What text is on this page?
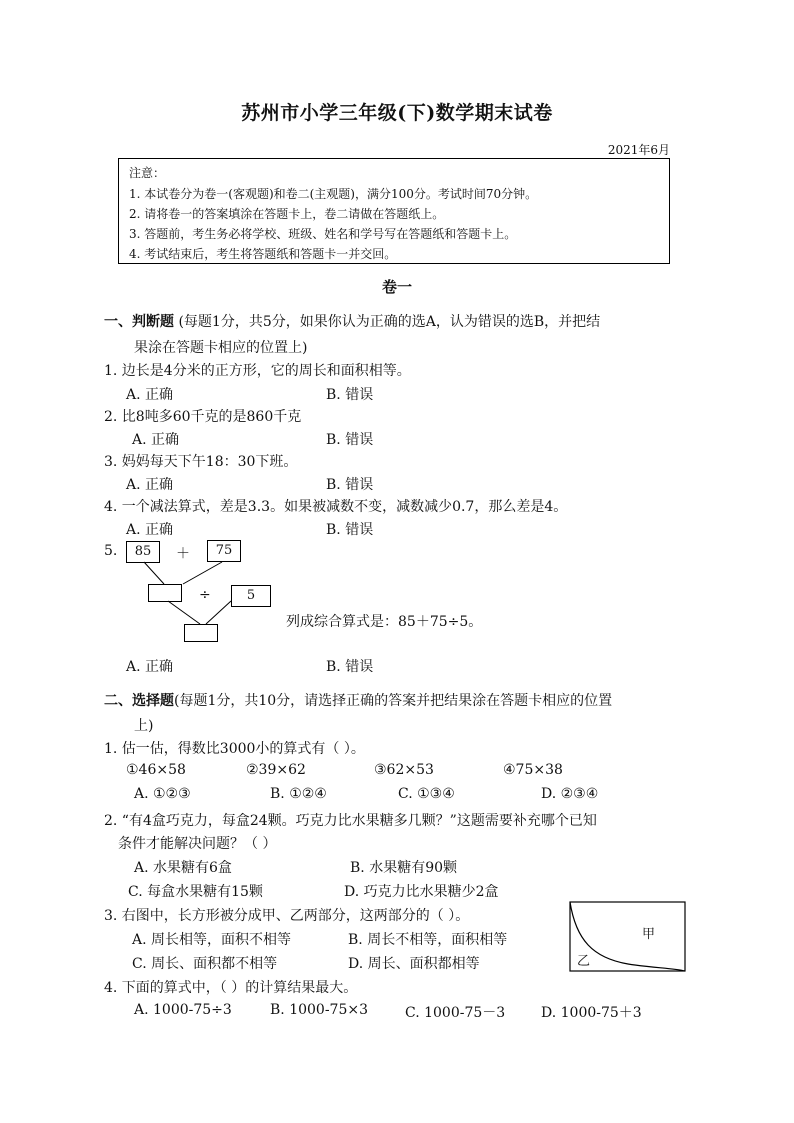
苏州市小学三年级(下)数学期末试卷
2021年6月
注意：
1. 本试卷分为卷一(客观题)和卷二(主观题)，满分100分。考试时间70分钟。
2. 请将卷一的答案填涂在答题卡上，卷二请做在答题纸上。
3. 答题前，考生务必将学校、班级、姓名和学号写在答题纸和答题卡上。
4. 考试结束后，考生将答题纸和答题卡一并交回。
卷一
一、判断题 (每题1分，共5分，如果你认为正确的选A，认为错误的选B，并把结
果涂在答题卡相应的位置上)
1. 边长是4分米的正方形，它的周长和面积相等。
A. 正确	B. 错误
2. 比8吨多60千克的是860千克
A. 正确	B. 错误
3. 妈妈每天下午18：30下班。
A. 正确	B. 错误
4. 一个减法算式，差是3.3。如果被减数不变，减数减少0.7，那么差是4。
A. 正确	B. 错误
5.	85	＋	75
÷	5
列成综合算式是：85＋75÷5。
A. 正确	B. 错误
二、选择题(每题1分，共10分，请选择正确的答案并把结果涂在答题卡相应的位置
上)
1. 估一估，得数比3000小的算式有（ ）。
①46×58	②39×62	③62×53	④75×38
A. ①②③	B. ①②④	C. ①③④	D. ②③④
2. “有4盒巧克力，每盒24颗。巧克力比水果糖多几颗？”这题需要补充哪个已知
条件才能解决问题？（ ）
A. 水果糖有6盒	B. 水果糖有90颗
C. 每盒水果糖有15颗	D. 巧克力比水果糖少2盒
3. 右图中，长方形被分成甲、乙两部分，这两部分的（ ）。
A. 周长相等，面积不相等	B. 周长不相等，面积相等
C. 周长、面积都不相等	D. 周长、面积都相等
甲
乙
4. 下面的算式中，（ ）的计算结果最大。
A. 1000-75÷3	B. 1000-75×3	C. 1000-75－3	D. 1000-75＋3
